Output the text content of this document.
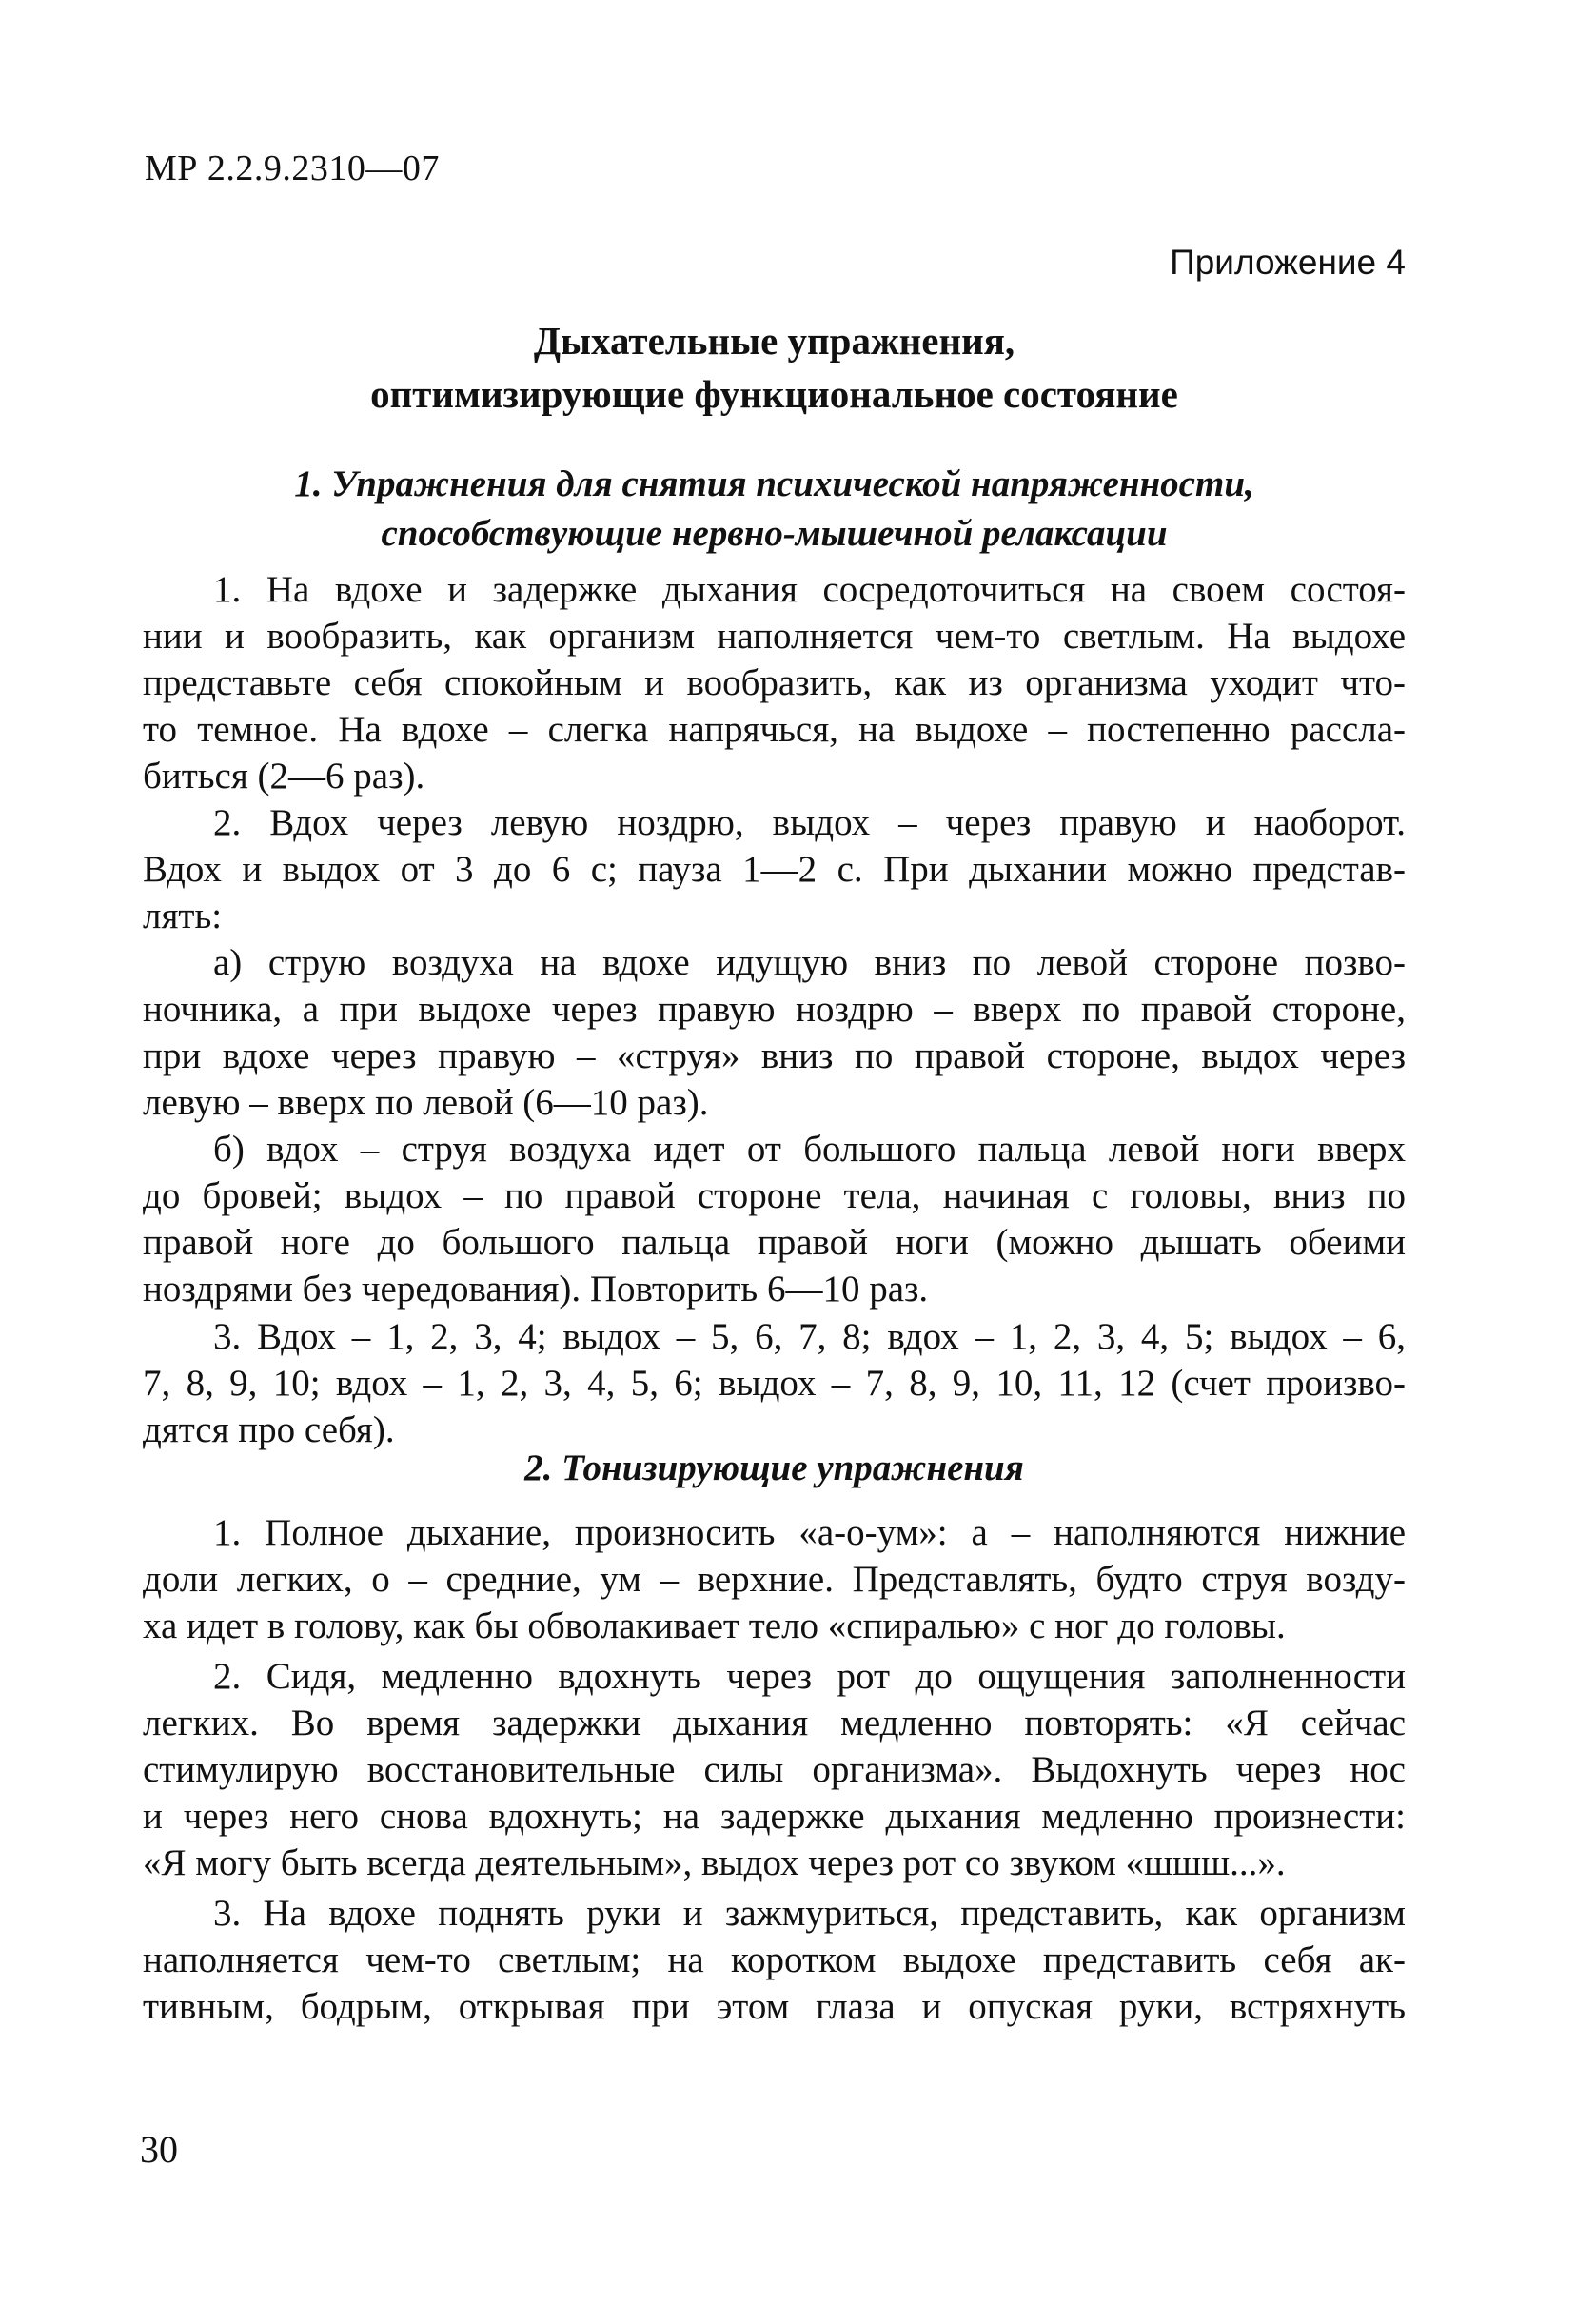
МР 2.2.9.2310—07
Приложение 4
Дыхательные упражнения,
оптимизирующие функциональное состояние
1. Упражнения для снятия психической напряженности,
способствующие нервно-мышечной релаксации
1. На вдохе и задержке дыхания сосредоточиться на своем состоя-
нии и вообразить, как организм наполняется чем-то светлым. На выдохе
представьте себя спокойным и вообразить, как из организма уходит что-
то темное. На вдохе – слегка напрячься, на выдохе – постепенно рассла-
биться (2—6 раз).
2. Вдох через левую ноздрю, выдох – через правую и наоборот.
Вдох и выдох от 3 до 6 с; пауза 1—2 с. При дыхании можно представ-
лять:
а) струю воздуха на вдохе идущую вниз по левой стороне позво-
ночника, а при выдохе через правую ноздрю – вверх по правой стороне,
при вдохе через правую – «струя» вниз по правой стороне, выдох через
левую – вверх по левой (6—10 раз).
б) вдох – струя воздуха идет от большого пальца левой ноги вверх
до бровей; выдох – по правой стороне тела, начиная с головы, вниз по
правой ноге до большого пальца правой ноги (можно дышать обеими
ноздрями без чередования). Повторить 6—10 раз.
3. Вдох – 1, 2, 3, 4; выдох – 5, 6, 7, 8; вдох – 1, 2, 3, 4, 5; выдох – 6,
7, 8, 9, 10; вдох – 1, 2, 3, 4, 5, 6; выдох – 7, 8, 9, 10, 11, 12 (счет произво-
дятся про себя).
2. Тонизирующие упражнения
1. Полное дыхание, произносить «а-о-ум»: а – наполняются нижние
доли легких, о – средние, ум – верхние. Представлять, будто струя возду-
ха идет в голову, как бы обволакивает тело «спиралью» с ног до головы.
2. Сидя, медленно вдохнуть через рот до ощущения заполненности
легких. Во время задержки дыхания медленно повторять: «Я сейчас
стимулирую восстановительные силы организма». Выдохнуть через нос
и через него снова вдохнуть; на задержке дыхания медленно произнести:
«Я могу быть всегда деятельным», выдох через рот со звуком «шшш...».
3. На вдохе поднять руки и зажмуриться, представить, как организм
наполняется чем-то светлым; на коротком выдохе представить себя ак-
тивным, бодрым, открывая при этом глаза и опуская руки, встряхнуть
30
